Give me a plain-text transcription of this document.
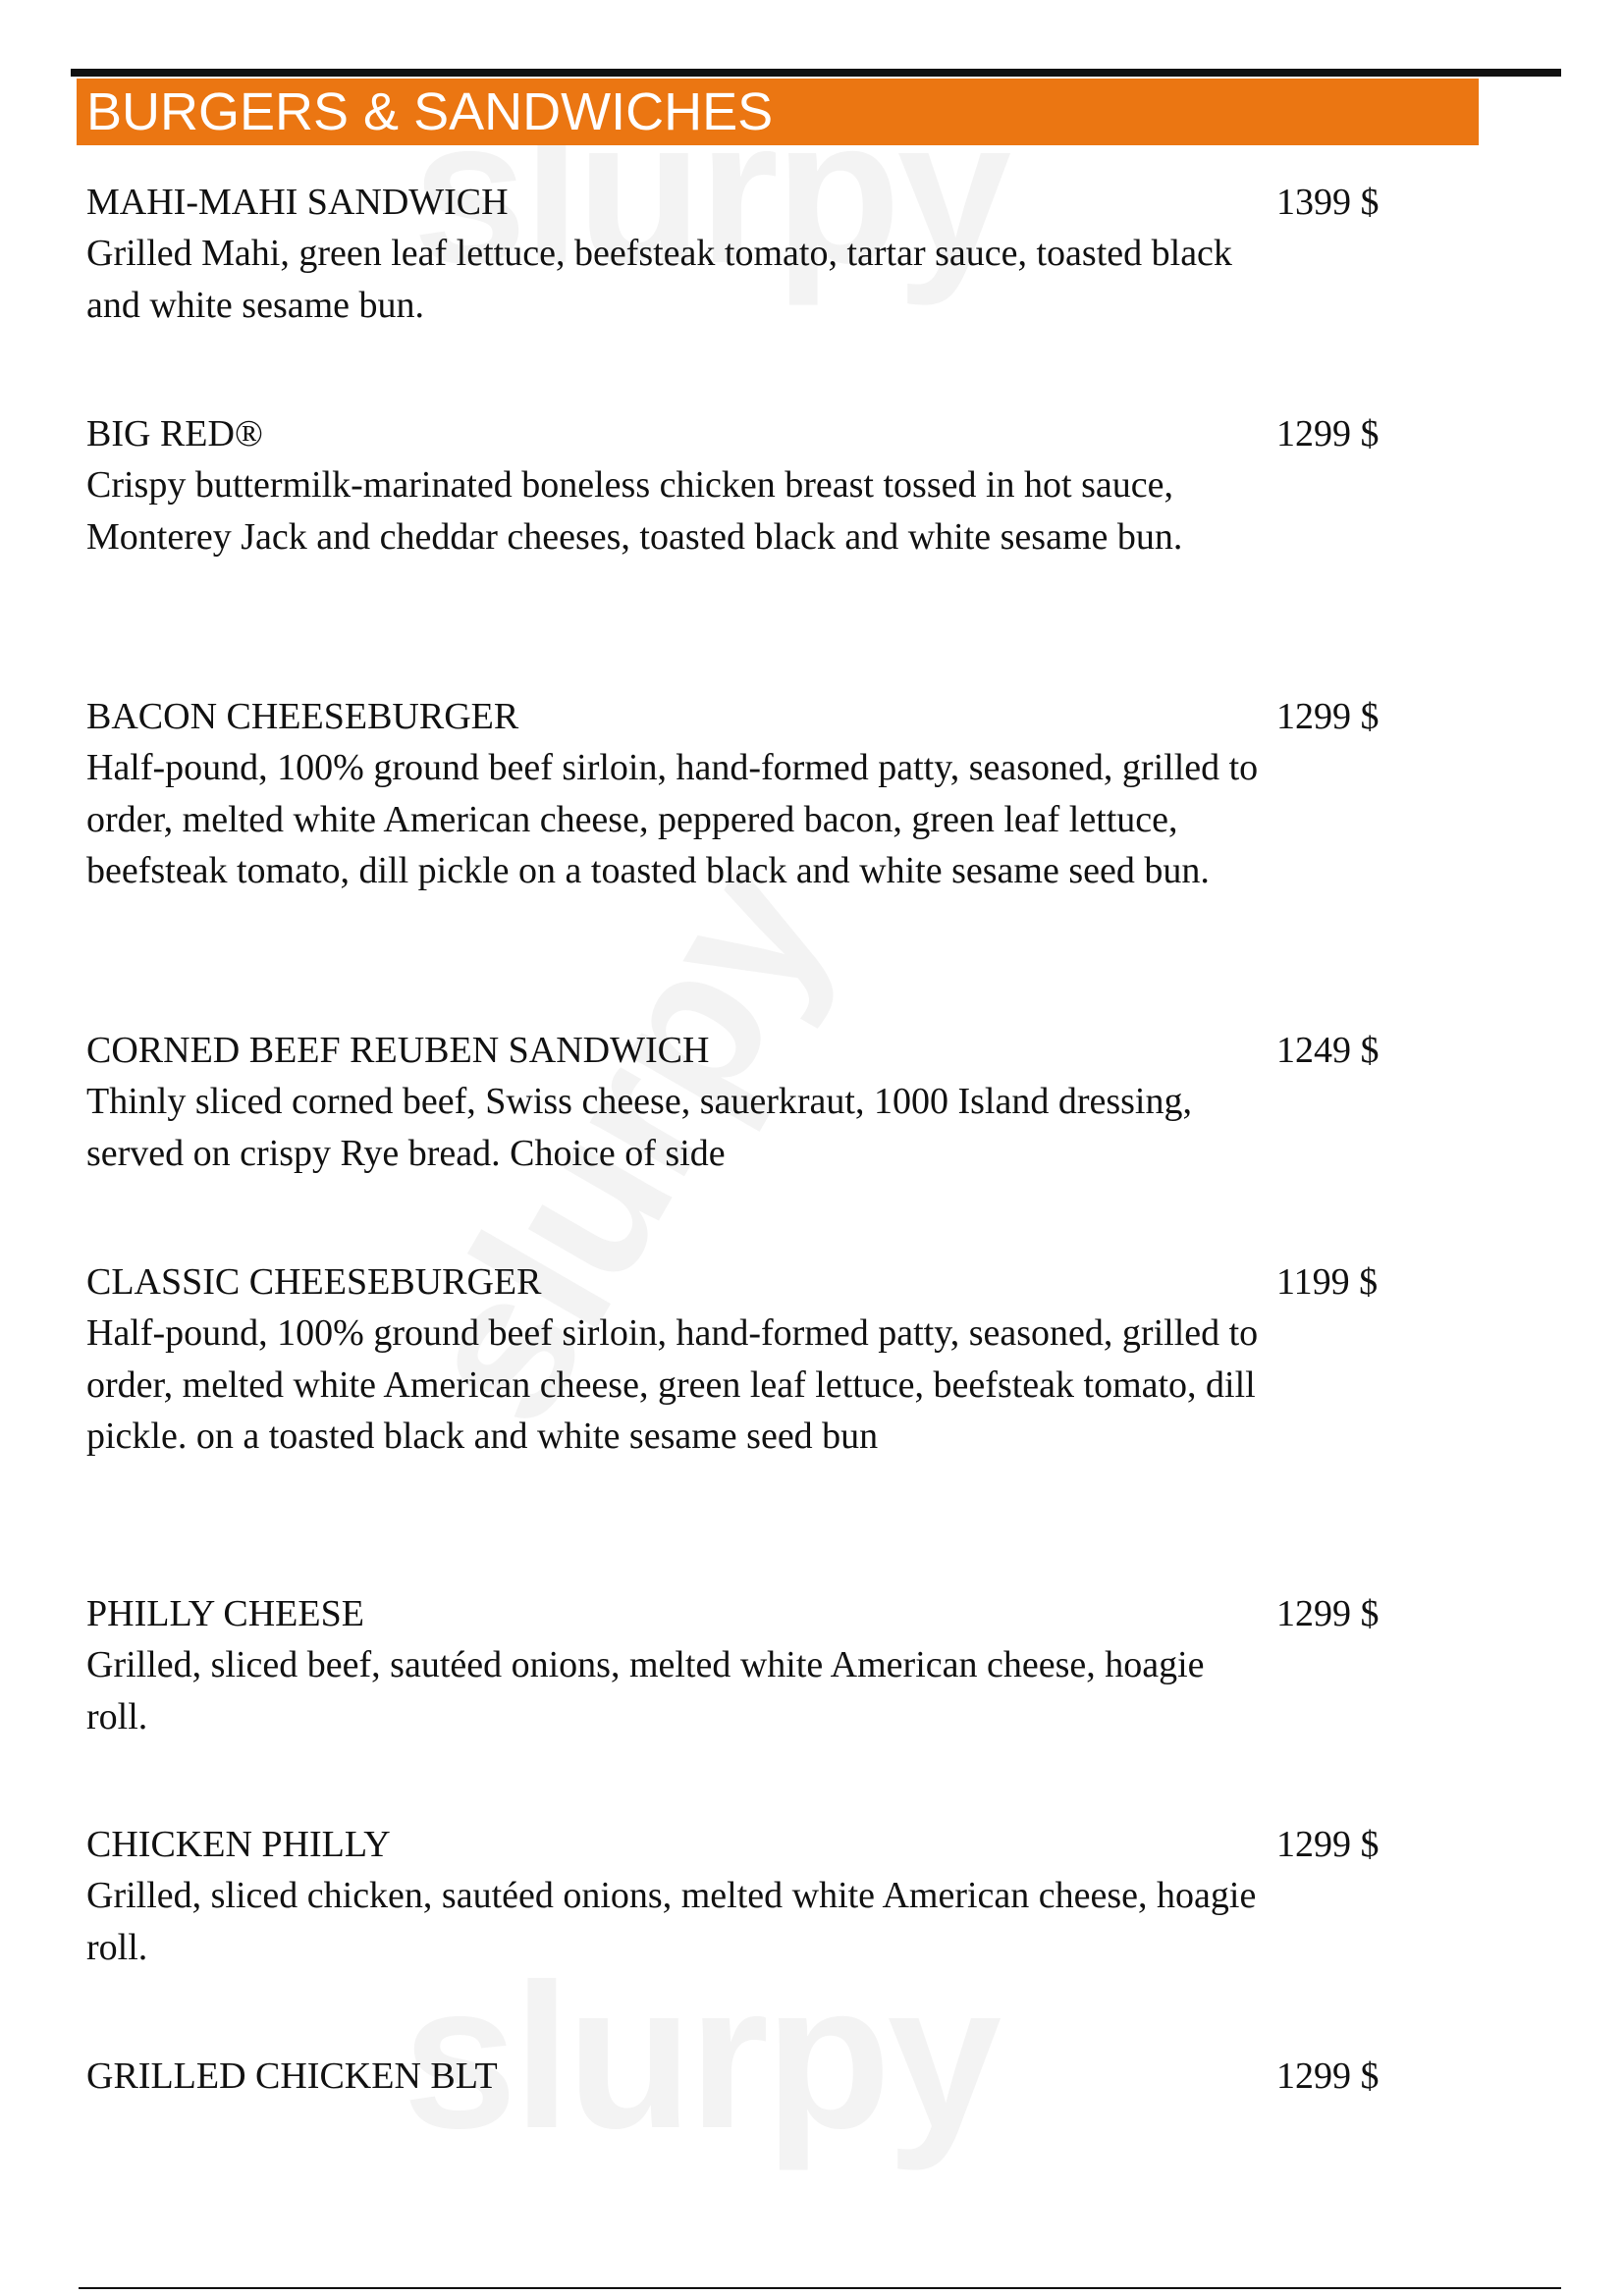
BURGERS & SANDWICHES
MAHI-MAHI SANDWICH	1399 $
Grilled Mahi, green leaf lettuce, beefsteak tomato, tartar sauce, toasted black and white sesame bun.
BIG RED®	1299 $
Crispy buttermilk-marinated boneless chicken breast tossed in hot sauce, Monterey Jack and cheddar cheeses, toasted black and white sesame bun.
BACON CHEESEBURGER	1299 $
Half-pound, 100% ground beef sirloin, hand-formed patty, seasoned, grilled to order, melted white American cheese, peppered bacon, green leaf lettuce, beefsteak tomato, dill pickle on a toasted black and white sesame seed bun.
CORNED BEEF REUBEN SANDWICH	1249 $
Thinly sliced corned beef, Swiss cheese, sauerkraut, 1000 Island dressing, served on crispy Rye bread. Choice of side
CLASSIC CHEESEBURGER	1199 $
Half-pound, 100% ground beef sirloin, hand-formed patty, seasoned, grilled to order, melted white American cheese, green leaf lettuce, beefsteak tomato, dill pickle. on a toasted black and white sesame seed bun
PHILLY CHEESE	1299 $
Grilled, sliced beef, sautéed onions, melted white American cheese, hoagie roll.
CHICKEN PHILLY	1299 $
Grilled, sliced chicken, sautéed onions, melted white American cheese, hoagie roll.
GRILLED CHICKEN BLT	1299 $
